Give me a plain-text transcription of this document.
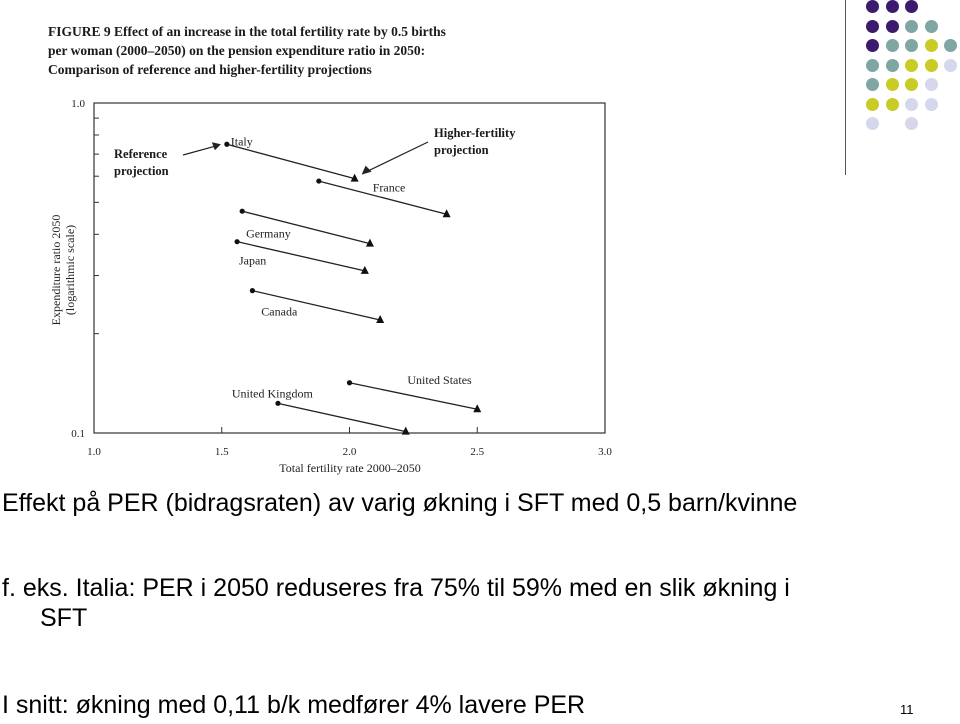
FIGURE 9 Effect of an increase in the total fertility rate by 0.5 births
per woman (2000–2050) on the pension expenditure ratio in 2050:
Comparison of reference and higher-fertility projections
1.0	1.5	2.0	2.5	3.0
1.0
0.1
Italy
France
Germany
Japan
Canada
United Kingdom
United States
Reference projection
Higher-fertility projection
Total fertility rate 2000–2050
Expenditure ratio 2050(logarithmic scale)
Effekt på PER (bidragsraten) av varig økning i SFT med 0,5 barn/kvinne
f. eks. Italia: PER i 2050 reduseres fra 75% til 59% med en slik økning i
SFT
I snitt: økning med 0,11 b/k medfører 4% lavere PER	11
